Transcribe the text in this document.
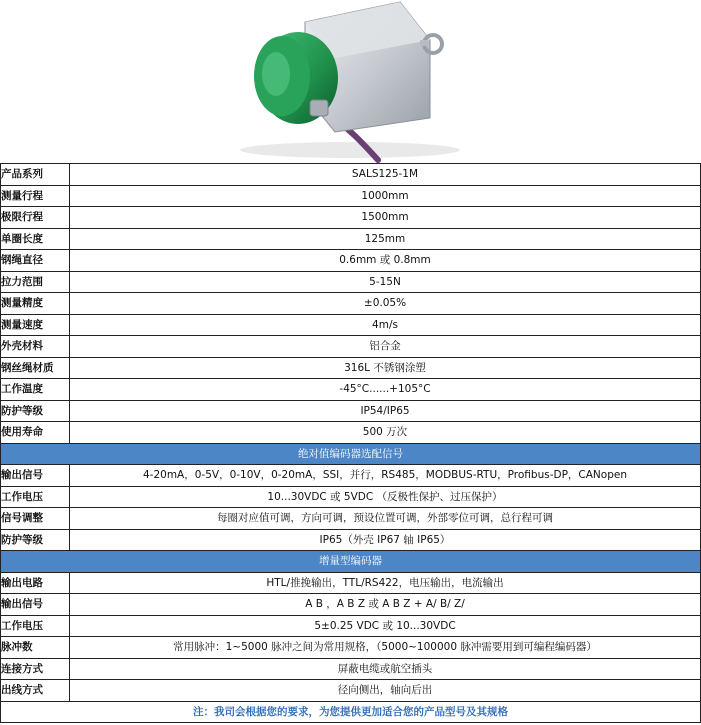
产品系列	SALS125-1M
测量行程	1000mm
极限行程	1500mm
单圈长度	125mm
钢绳直径	0.6mm 或 0.8mm
拉力范围	5-15N
测量精度	±0.05%
测量速度	4m/s
外壳材料	铝合金
钢丝绳材质	316L 不锈钢涂塑
工作温度	-45°C......+105°C
防护等级	IP54/IP65
使用寿命	500 万次
绝对值编码器选配信号	
输出信号	4-20mA，0-5V，0-10V，0-20mA，SSI，并行，RS485，MODBUS-RTU，Profibus-DP，CANopen
工作电压	10...30VDC 或 5VDC （反极性保护、过压保护）
信号调整	每圈对应值可调，方向可调，预设位置可调，外部零位可调，总行程可调
防护等级	IP65（外壳 IP67 轴 IP65）
增量型编码器	
输出电路	HTL/推挽输出，TTL/RS422，电压输出，电流输出
输出信号	A B ，A B Z 或 A B Z + A/ B/ Z/
工作电压	5±0.25 VDC 或 10...30VDC
脉冲数	常用脉冲：1~5000 脉冲之间为常用规格，（5000~100000 脉冲需要用到可编程编码器）
连接方式	屏蔽电缆或航空插头
出线方式	径向侧出，轴向后出
注：我司会根据您的要求，为您提供更加适合您的产品型号及其规格	
